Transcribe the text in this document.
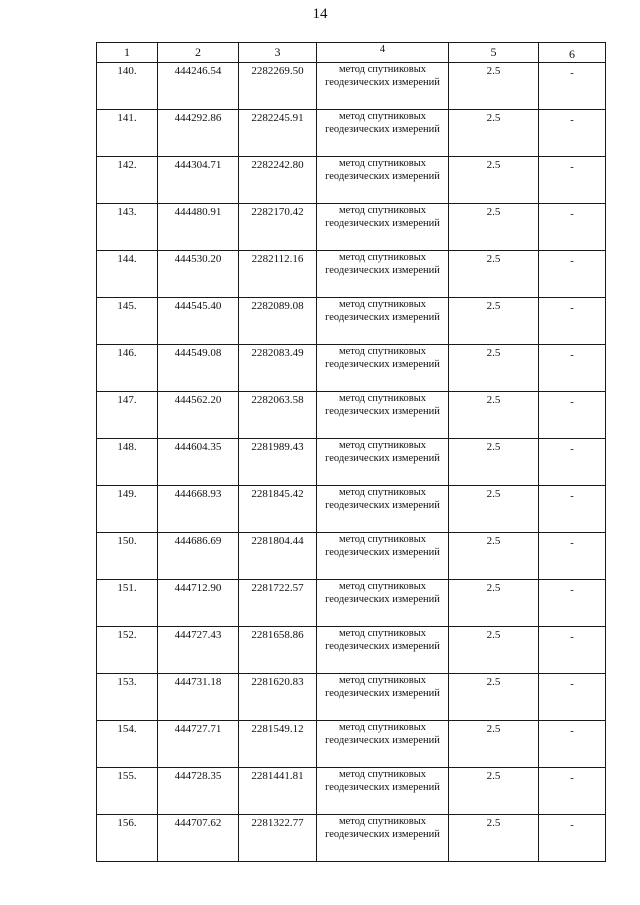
14
1	2	3	4	5	6
140.	444246.54	2282269.50	метод спутниковых геодезических измерений	2.5	-
141.	444292.86	2282245.91	метод спутниковых геодезических измерений	2.5	-
142.	444304.71	2282242.80	метод спутниковых геодезических измерений	2.5	-
143.	444480.91	2282170.42	метод спутниковых геодезических измерений	2.5	-
144.	444530.20	2282112.16	метод спутниковых геодезических измерений	2.5	-
145.	444545.40	2282089.08	метод спутниковых геодезических измерений	2.5	-
146.	444549.08	2282083.49	метод спутниковых геодезических измерений	2.5	-
147.	444562.20	2282063.58	метод спутниковых геодезических измерений	2.5	-
148.	444604.35	2281989.43	метод спутниковых геодезических измерений	2.5	-
149.	444668.93	2281845.42	метод спутниковых геодезических измерений	2.5	-
150.	444686.69	2281804.44	метод спутниковых геодезических измерений	2.5	-
151.	444712.90	2281722.57	метод спутниковых геодезических измерений	2.5	-
152.	444727.43	2281658.86	метод спутниковых геодезических измерений	2.5	-
153.	444731.18	2281620.83	метод спутниковых геодезических измерений	2.5	-
154.	444727.71	2281549.12	метод спутниковых геодезических измерений	2.5	-
155.	444728.35	2281441.81	метод спутниковых геодезических измерений	2.5	-
156.	444707.62	2281322.77	метод спутниковых геодезических измерений	2.5	-
